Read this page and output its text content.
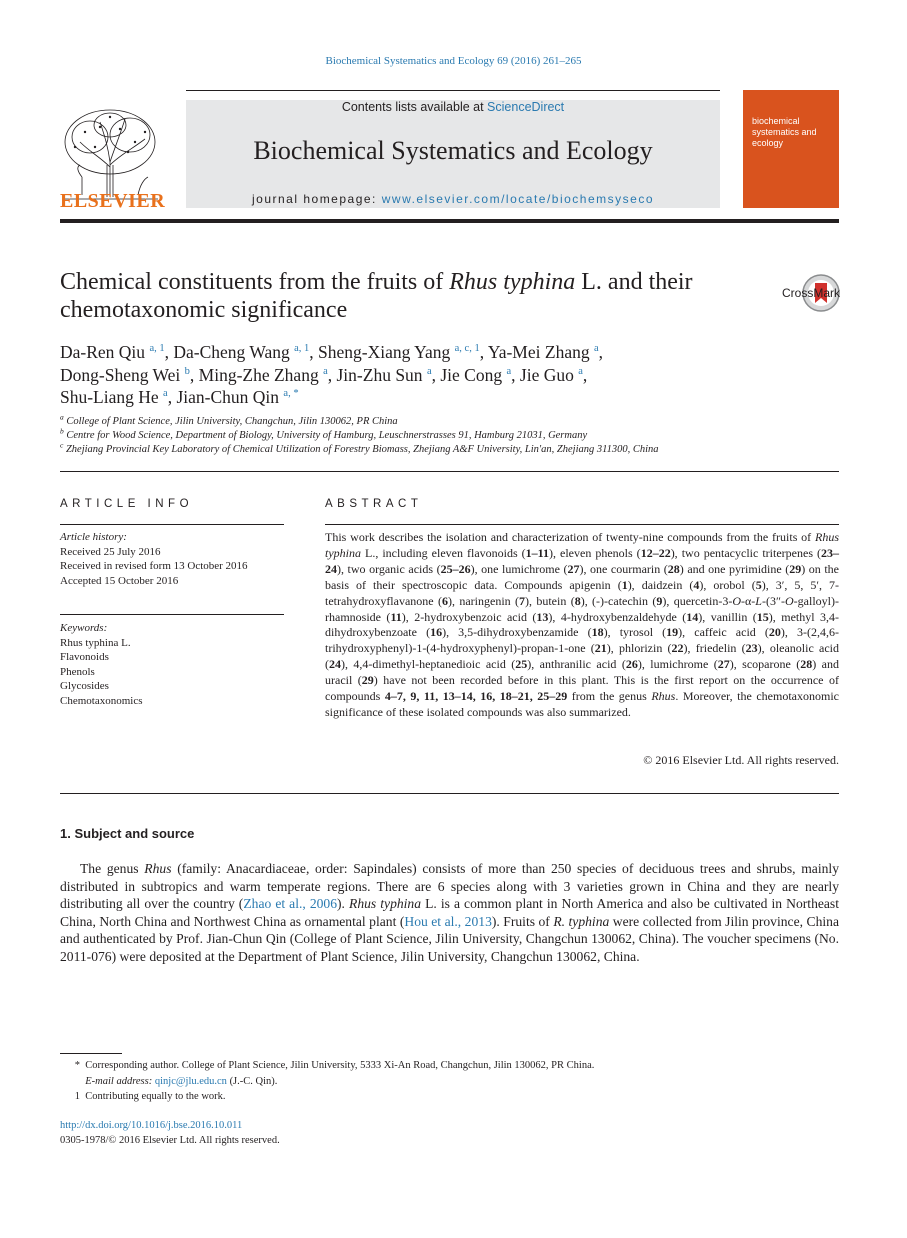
Biochemical Systematics and Ecology 69 (2016) 261–265
ELSEVIER
Contents lists available at ScienceDirect
Biochemical Systematics and Ecology
journal homepage: www.elsevier.com/locate/biochemsyseco
biochemical systematics and ecology
Chemical constituents from the fruits of Rhus typhina L. and their chemotaxonomic significance
CrossMark
Da-Ren Qiu $^{a, 1}$, Da-Cheng Wang $^{a, 1}$, Sheng-Xiang Yang $^{a, c, 1}$, Ya-Mei Zhang $^a$,
Dong-Sheng Wei $^b$, Ming-Zhe Zhang $^a$, Jin-Zhu Sun $^a$, Jie Cong $^a$, Jie Guo $^a$,
Shu-Liang He $^a$, Jian-Chun Qin $^{a, *}$
$^a$ College of Plant Science, Jilin University, Changchun, Jilin 130062, PR China
$^b$ Centre for Wood Science, Department of Biology, University of Hamburg, Leuschnerstrasses 91, Hamburg 21031, Germany
$^c$ Zhejiang Provincial Key Laboratory of Chemical Utilization of Forestry Biomass, Zhejiang A&F University, Lin'an, Zhejiang 311300, China
ARTICLE INFO
Article history:
Received 25 July 2016
Received in revised form 13 October 2016
Accepted 15 October 2016
Keywords:
Rhus typhina L.
Flavonoids
Phenols
Glycosides
Chemotaxonomics
ABSTRACT
This work describes the isolation and characterization of twenty-nine compounds from the fruits of Rhus typhina L., including eleven flavonoids (1–11), eleven phenols (12–22), two pentacyclic triterpenes (23–24), two organic acids (25–26), one lumichrome (27), one courmarin (28) and one pyrimidine (29) on the basis of their spectroscopic data. Compounds apigenin (1), daidzein (4), orobol (5), 3′, 5, 5′, 7-tetrahydroxyflavanone (6), naringenin (7), butein (8), (-)-catechin (9), quercetin-3-O-α-L-(3″-O-galloyl)-rhamnoside (11), 2-hydroxybenzoic acid (13), 4-hydroxybenzaldehyde (14), vanillin (15), methyl 3,4-dihydroxybenzoate (16), 3,5-dihydroxybenzamide (18), tyrosol (19), caffeic acid (20), 3-(2,4,6-trihydroxyphenyl)-1-(4-hydroxyphenyl)-propan-1-one (21), phlorizin (22), friedelin (23), oleanolic acid (24), 4,4-dimethyl-heptanedioic acid (25), anthranilic acid (26), lumichrome (27), scoparone (28) and uracil (29) have not been recorded before in this plant. This is the first report on the occurrence of compounds 4–7, 9, 11, 13–14, 16, 18–21, 25–29 from the genus Rhus. Moreover, the chemotaxonomic significance of these isolated compounds was also summarized.
© 2016 Elsevier Ltd. All rights reserved.
1. Subject and source
The genus Rhus (family: Anacardiaceae, order: Sapindales) consists of more than 250 species of deciduous trees and shrubs, mainly distributed in subtropics and warm temperate regions. There are 6 species along with 3 varieties grown in China and they are nearly distributing all over the country (Zhao et al., 2006). Rhus typhina L. is a common plant in North America and also be cultivated in Northeast China, North China and Northwest China as ornamental plant (Hou et al., 2013). Fruits of R. typhina were collected from Jilin province, China and authenticated by Prof. Jian-Chun Qin (College of Plant Science, Jilin University, Changchun 130062, China). The voucher specimens (No. 2011-076) were deposited at the Department of Plant Science, Jilin University, Changchun 130062, China.
* Corresponding author. College of Plant Science, Jilin University, 5333 Xi-An Road, Changchun, Jilin 130062, PR China.
E-mail address: qinjc@jlu.edu.cn (J.-C. Qin).
1 Contributing equally to the work.
http://dx.doi.org/10.1016/j.bse.2016.10.011
0305-1978/© 2016 Elsevier Ltd. All rights reserved.
